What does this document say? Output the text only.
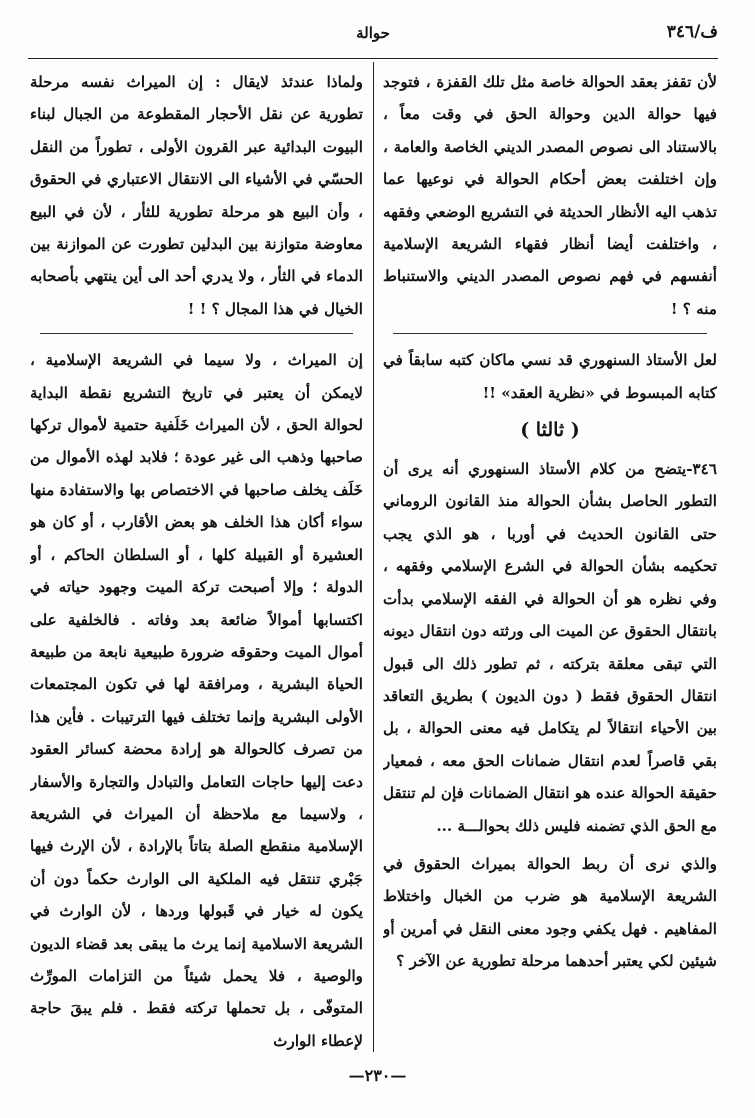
ف/٣٤٦
حوالة

لأن تقفز بعقد الحوالة خاصة مثل تلك القفزة ، فتوجد فيها حوالة الدين وحوالة الحق في وقت معاً ، بالاستناد الى نصوص المصدر الديني الخاصة والعامة ، وإن اختلفت بعض أحكام الحوالة في نوعيها عما تذهب اليه الأنظار الحديثة في التشريع الوضعي وفقهه ، واختلفت أيضا أنظار فقهاء الشريعة الإسلامية أنفسهم في فهم نصوص المصدر الديني والاستنباط منه ؟ !

لعل الأستاذ السنهوري قد نسي ماكان كتبه سابقاً في كتابه المبسوط في «نظرية العقد» !!

( ثالثا )

٣٤٦-يتضح من كلام الأستاذ السنهوري أنه يرى أن التطور الحاصل بشأن الحوالة منذ القانون الروماني حتى القانون الحديث في أوربا ، هو الذي يجب تحكيمه بشأن الحوالة في الشرع الإسلامي وفقهه ، وفي نظره هو أن الحوالة في الفقه الإسلامي بدأت بانتقال الحقوق عن الميت الى ورثته دون انتقال ديونه التي تبقى معلقة بتركته ، ثم تطور ذلك الى قبول انتقال الحقوق فقط ( دون الديون ) بطريق التعاقد بين الأحياء انتقالاً لم يتكامل فيه معنى الحوالة ، بل بقي قاصراً لعدم انتقال ضمانات الحق معه ، فمعيار حقيقة الحوالة عنده هو انتقال الضمانات فإن لم تنتقل مع الحق الذي تضمنه فليس ذلك بحوالـــة ...

والذي نرى أن ربط الحوالة بميراث الحقوق في الشريعة الإسلامية هو ضرب من الخبال واختلاط المفاهيم . فهل يكفي وجود معنى النقل في أمرين أو شيئين لكي يعتبر أحدهما مرحلة تطورية عن الآخر ؟

ولماذا عندئذ لايقال : إن الميراث نفسه مرحلة تطورية عن نقل الأحجار المقطوعة من الجبال لبناء البيوت البدائية عبر القرون الأولى ، تطوراً من النقل الحسّي في الأشياء الى الانتقال الاعتباري في الحقوق ، وأن البيع هو مرحلة تطورية للثأر ، لأن في البيع معاوضة متوازنة بين البدلين تطورت عن الموازنة بين الدماء في الثأر ، ولا يدري أحد الى أين ينتهي بأصحابه الخيال في هذا المجال ؟ ! !

إن الميراث ، ولا سيما في الشريعة الإسلامية ، لايمكن أن يعتبر في تاريخ التشريع نقطة البداية لحوالة الحق ، لأن الميراث خَلَفية حتمية لأموال تركها صاحبها وذهب الى غير عودة ؛ فلابد لهذه الأموال من خَلَف يخلف صاحبها في الاختصاص بها والاستفادة منها سواء أكان هذا الخلف هو بعض الأقارب ، أو كان هو العشيرة أو القبيلة كلها ، أو السلطان الحاكم ، أو الدولة ؛ وإلا أصبحت تركة الميت وجهود حياته في اكتسابها أموالاً ضائعة بعد وفاته . فالخلفية على أموال الميت وحقوقه ضرورة طبيعية نابعة من طبيعة الحياة البشرية ، ومرافقة لها في تكون المجتمعات الأولى البشرية وإنما تختلف فيها الترتيبات . فأين هذا من تصرف كالحوالة هو إرادة محضة كسائر العقود دعت إليها حاجات التعامل والتبادل والتجارة والأسفار ، ولاسيما مع ملاحظة أن الميراث في الشريعة الإسلامية منقطع الصلة بتاتاً بالإرادة ، لأن الإرث فيها جَبْري تنتقل فيه الملكية الى الوارث حكماً دون أن يكون له خيار في قَبولها وردها ، لأن الوارث في الشريعة الاسلامية إنما يرث ما يبقى بعد قضاء الديون والوصية ، فلا يحمل شيئاً من التزامات المورِّث المتوفّى ، بل تحملها تركته فقط . فلم يبقَ حاجة لإعطاء الوارث

—٢٣٠—
